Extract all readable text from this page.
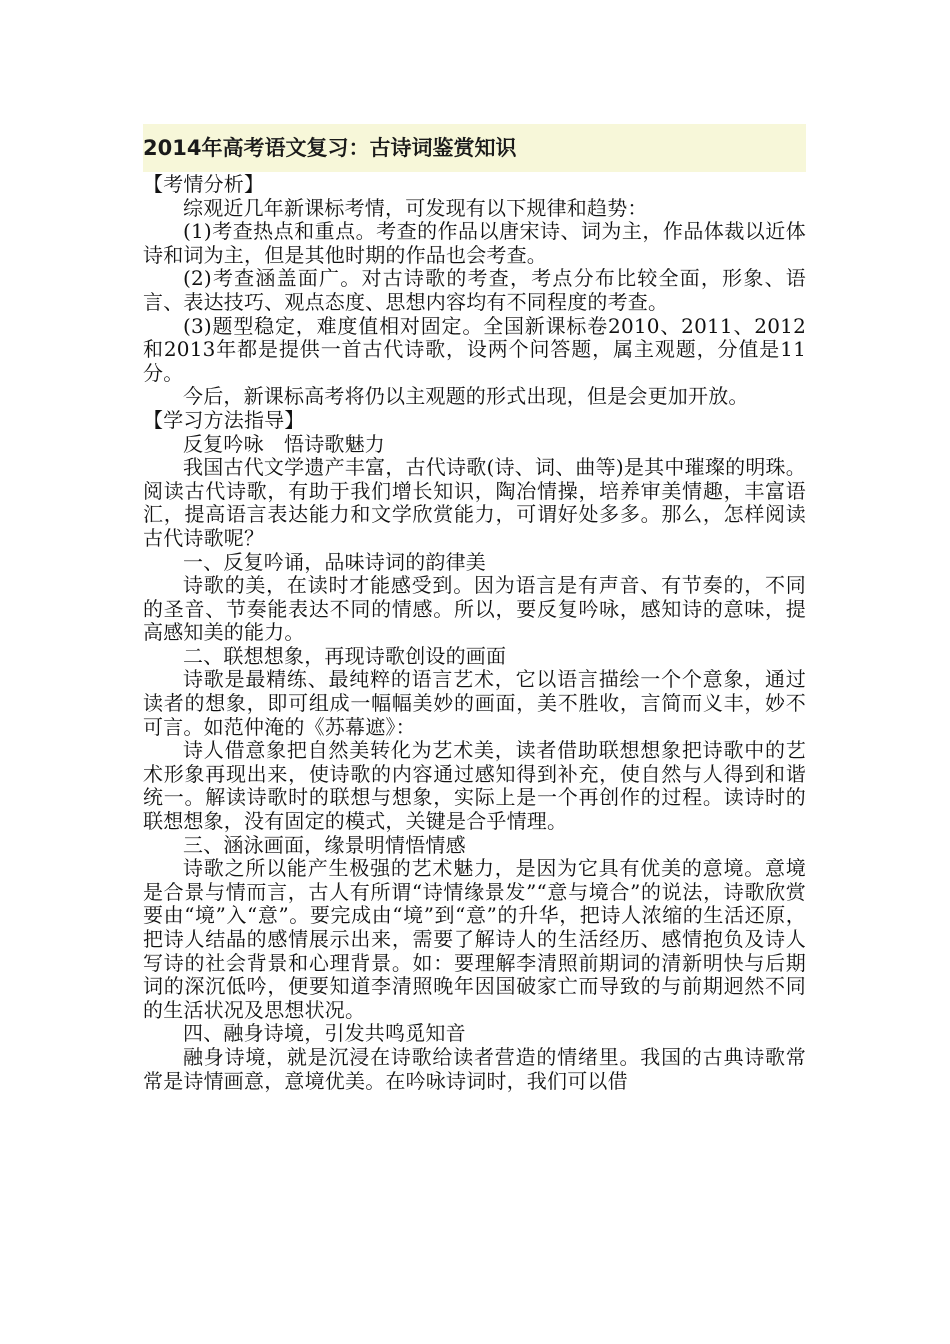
2014年高考语文复习：古诗词鉴赏知识

【考情分析】

综观近几年新课标考情，可发现有以下规律和趋势：

(1)考查热点和重点。考查的作品以唐宋诗、词为主，作品体裁以近体诗和词为主，但是其他时期的作品也会考查。

(2)考查涵盖面广。对古诗歌的考查，考点分布比较全面，形象、语言、表达技巧、观点态度、思想内容均有不同程度的考查。

(3)题型稳定，难度值相对固定。全国新课标卷2010、2011、2012和2013年都是提供一首古代诗歌，设两个问答题，属主观题，分值是11分。

今后，新课标高考将仍以主观题的形式出现，但是会更加开放。

【学习方法指导】

反复吟咏　悟诗歌魅力

我国古代文学遗产丰富，古代诗歌(诗、词、曲等)是其中璀璨的明珠。阅读古代诗歌，有助于我们增长知识，陶冶情操，培养审美情趣，丰富语汇，提高语言表达能力和文学欣赏能力，可谓好处多多。那么，怎样阅读古代诗歌呢？

一、反复吟诵，品味诗词的韵律美

诗歌的美，在读时才能感受到。因为语言是有声音、有节奏的，不同的圣音、节奏能表达不同的情感。所以，要反复吟咏，感知诗的意味，提高感知美的能力。

二、联想想象，再现诗歌创设的画面

诗歌是最精练、最纯粹的语言艺术，它以语言描绘一个个意象，通过读者的想象，即可组成一幅幅美妙的画面，美不胜收，言简而义丰，妙不可言。如范仲淹的《苏幕遮》：

诗人借意象把自然美转化为艺术美，读者借助联想想象把诗歌中的艺术形象再现出来，使诗歌的内容通过感知得到补充，使自然与人得到和谐统一。解读诗歌时的联想与想象，实际上是一个再创作的过程。读诗时的联想想象，没有固定的模式，关键是合乎情理。

三、涵泳画面，缘景明情悟情感

诗歌之所以能产生极强的艺术魅力，是因为它具有优美的意境。意境是合景与情而言，古人有所谓“诗情缘景发”“意与境合”的说法，诗歌欣赏要由“境”入“意”。要完成由“境”到“意”的升华，把诗人浓缩的生活还原，把诗人结晶的感情展示出来，需要了解诗人的生活经历、感情抱负及诗人写诗的社会背景和心理背景。如：要理解李清照前期词的清新明快与后期词的深沉低吟，便要知道李清照晚年因国破家亡而导致的与前期迥然不同的生活状况及思想状况。

四、融身诗境，引发共鸣觅知音

融身诗境，就是沉浸在诗歌给读者营造的情绪里。我国的古典诗歌常常是诗情画意，意境优美。在吟咏诗词时，我们可以借
